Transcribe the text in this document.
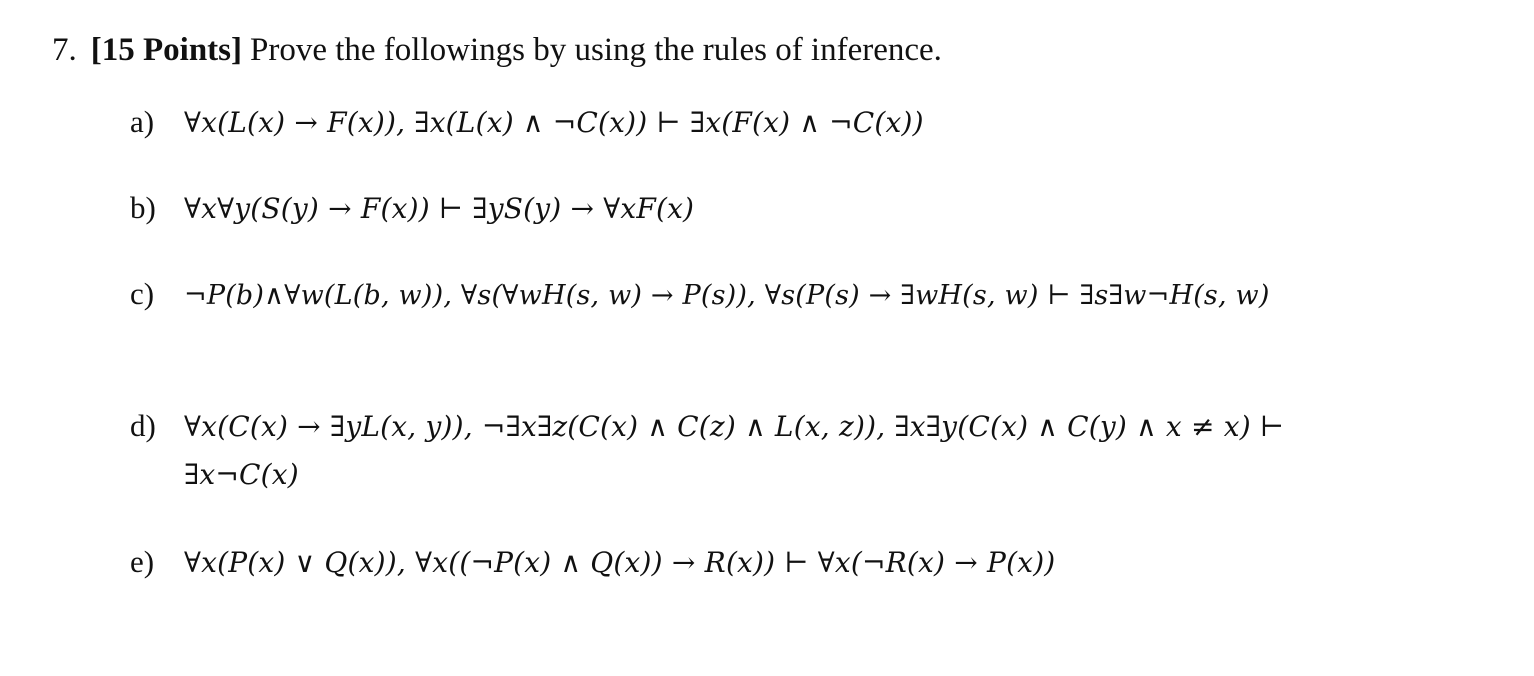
7. [15 Points] Prove the followings by using the rules of inference.
a) ∀x(L(x) → F(x)), ∃x(L(x) ∧ ¬C(x)) ⊢ ∃x(F(x) ∧ ¬C(x))
b) ∀x∀y(S(y) → F(x)) ⊢ ∃yS(y) → ∀xF(x)
c) ¬P(b)∧∀w(L(b, w)), ∀s(∀wH(s, w) → P(s)), ∀s(P(s) → ∃wH(s, w) ⊢ ∃s∃w¬H(s, w)
d) ∀x(C(x) → ∃yL(x, y)), ¬∃x∃z(C(x) ∧ C(z) ∧ L(x, z)), ∃x∃y(C(x) ∧ C(y) ∧ x ≠ x) ⊢
∃x¬C(x)
e) ∀x(P(x) ∨ Q(x)), ∀x((¬P(x) ∧ Q(x)) → R(x)) ⊢ ∀x(¬R(x) → P(x))
